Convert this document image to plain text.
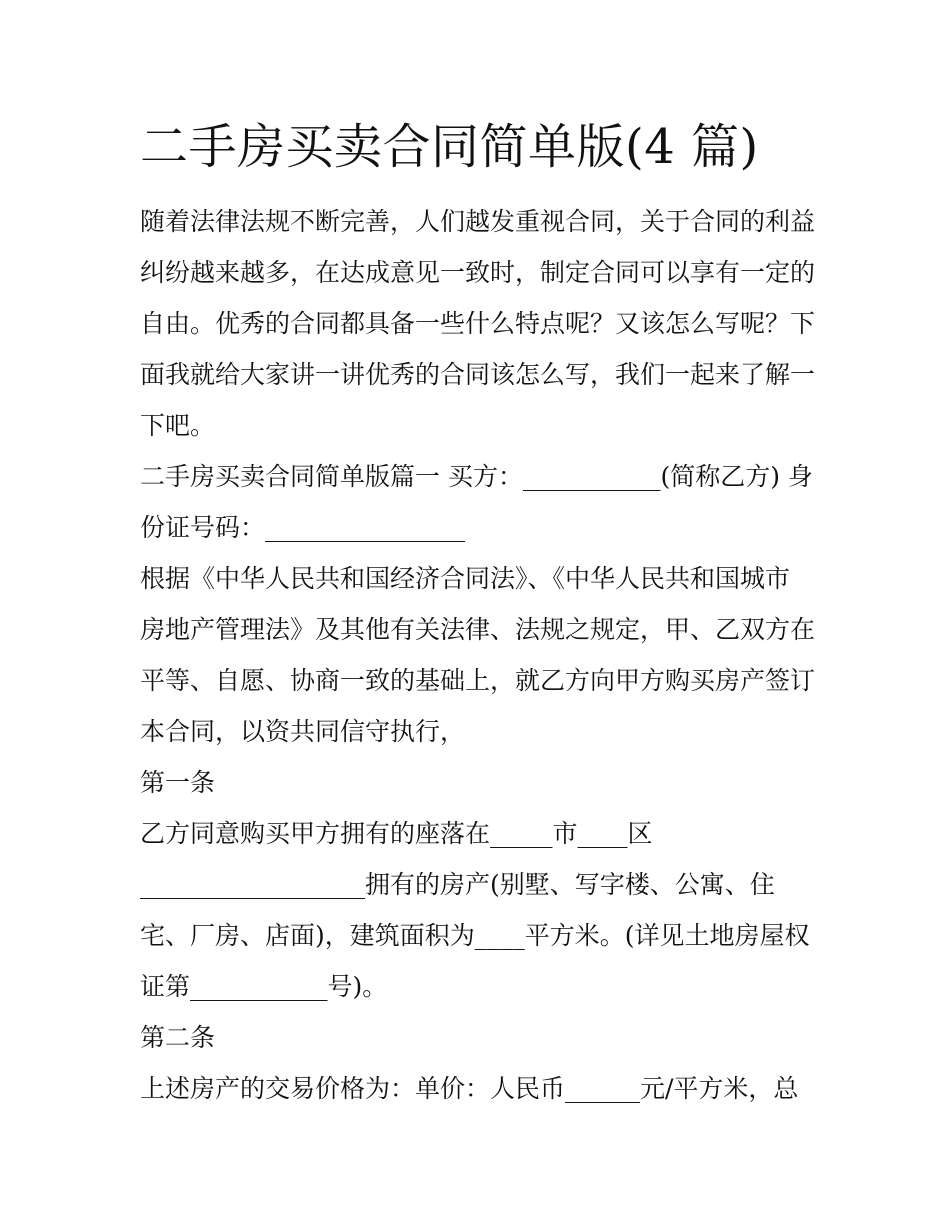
二手房买卖合同简单版(4 篇)
随着法律法规不断完善，人们越发重视合同，关于合同的利益
纠纷越来越多，在达成意见一致时，制定合同可以享有一定的
自由。优秀的合同都具备一些什么特点呢？又该怎么写呢？下
面我就给大家讲一讲优秀的合同该怎么写，我们一起来了解一
下吧。
二手房买卖合同简单版篇一 买方：___________(简称乙方) 身
份证号码：________________
根据《中华人民共和国经济合同法》、《中华人民共和国城市
房地产管理法》及其他有关法律、法规之规定，甲、乙双方在
平等、自愿、协商一致的基础上，就乙方向甲方购买房产签订
本合同，以资共同信守执行，
第一条
乙方同意购买甲方拥有的座落在_____市____区
__________________拥有的房产(别墅、写字楼、公寓、住
宅、厂房、店面)，建筑面积为____平方米。(详见土地房屋权
证第___________号)。
第二条
上述房产的交易价格为：单价：人民币______元/平方米，总
